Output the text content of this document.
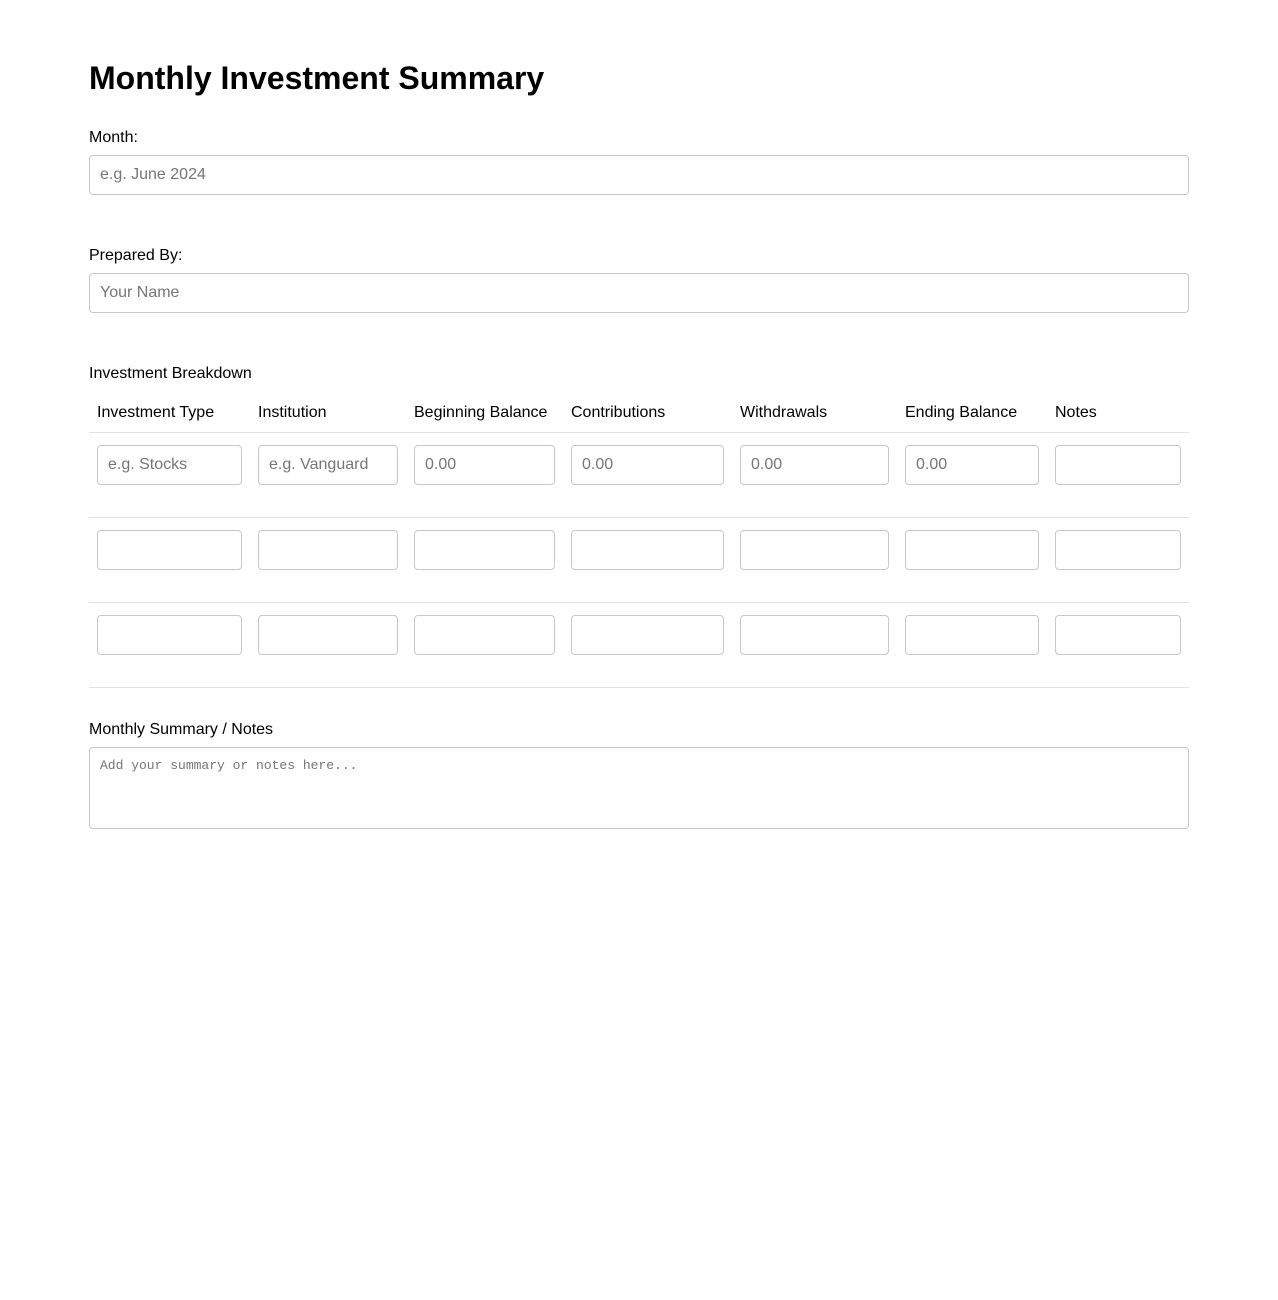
Monthly Investment Summary
Month:
e.g. June 2024
Prepared By:
Your Name
Investment Breakdown
Investment Type	Institution	Beginning Balance	Contributions	Withdrawals	Ending Balance	Notes
e.g. Stocks	e.g. Vanguard	0.00	0.00	0.00	0.00	

Monthly Summary / Notes
Add your summary or notes here...
